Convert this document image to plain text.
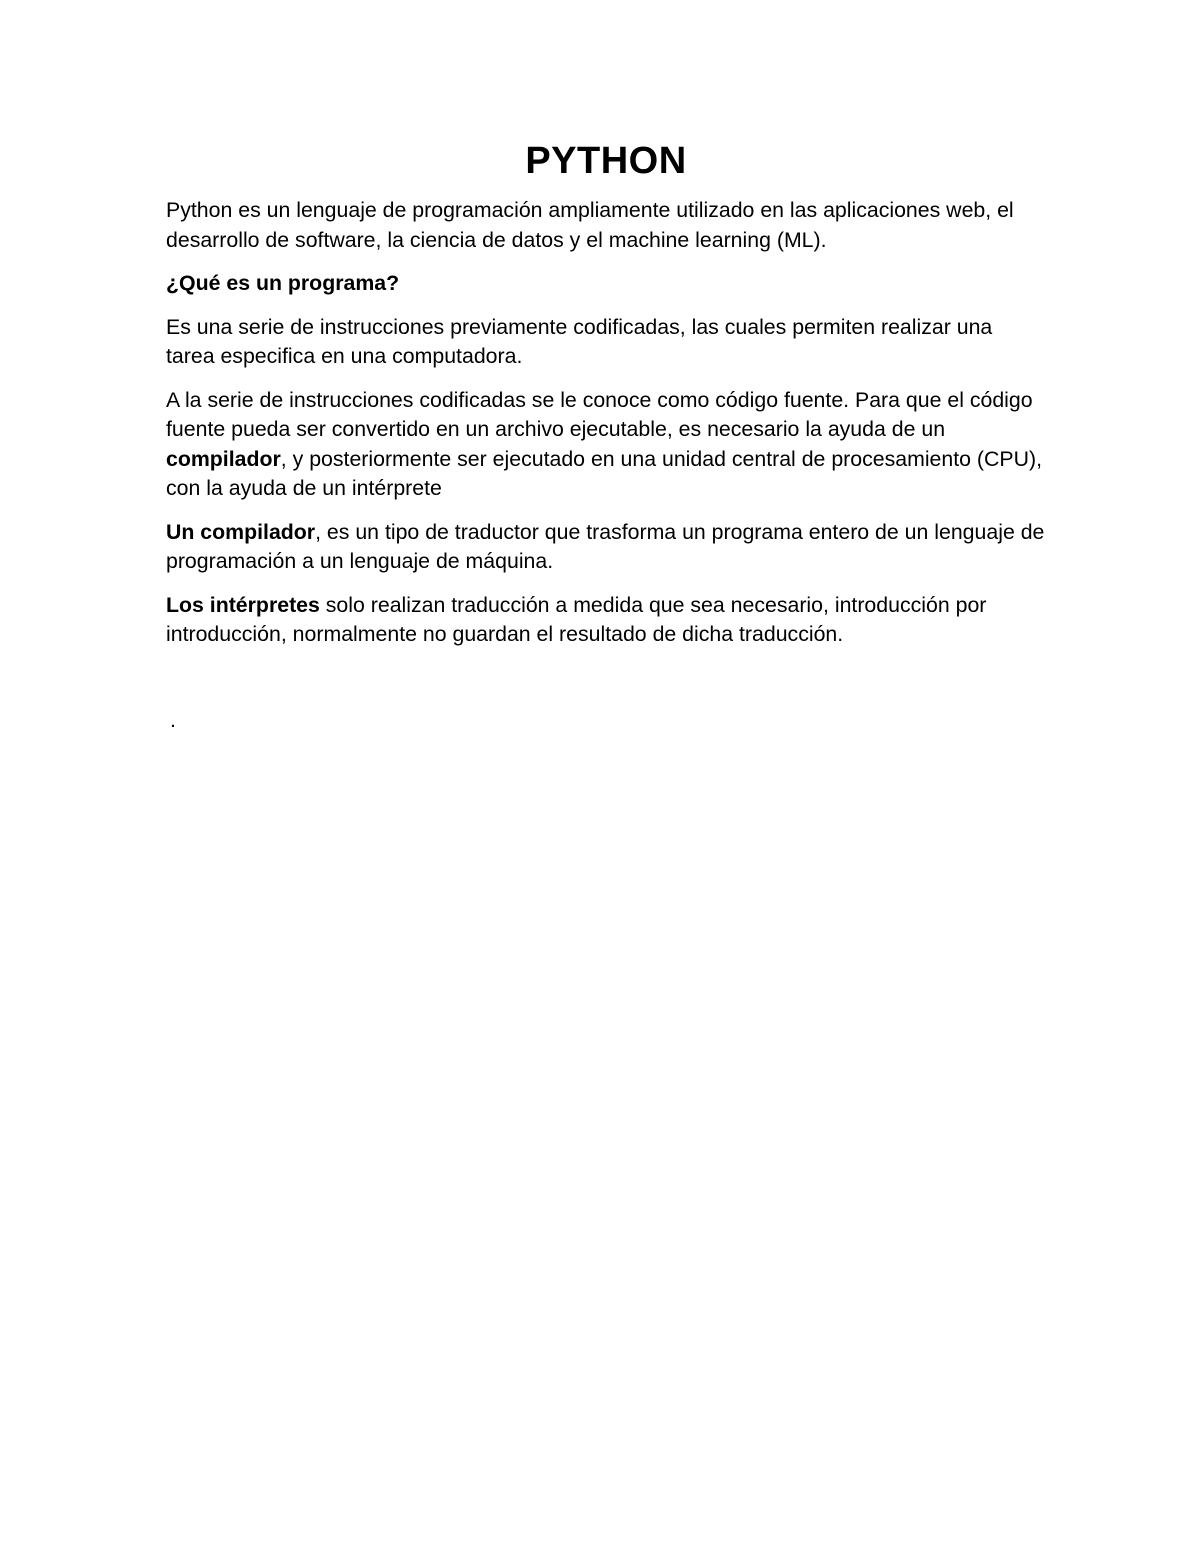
PYTHON

Python es un lenguaje de programación ampliamente utilizado en las aplicaciones web, el desarrollo de software, la ciencia de datos y el machine learning (ML).

¿Qué es un programa?

Es una serie de instrucciones previamente codificadas, las cuales permiten realizar una tarea especifica en una computadora.

A la serie de instrucciones codificadas se le conoce como código fuente. Para que el código fuente pueda ser convertido en un archivo ejecutable, es necesario la ayuda de un compilador, y posteriormente ser ejecutado en una unidad central de procesamiento (CPU), con la ayuda de un intérprete

Un compilador, es un tipo de traductor que trasforma un programa entero de un lenguaje de programación a un lenguaje de máquina.

Los intérpretes solo realizan traducción a medida que sea necesario, introducción por introducción, normalmente no guardan el resultado de dicha traducción.

.
